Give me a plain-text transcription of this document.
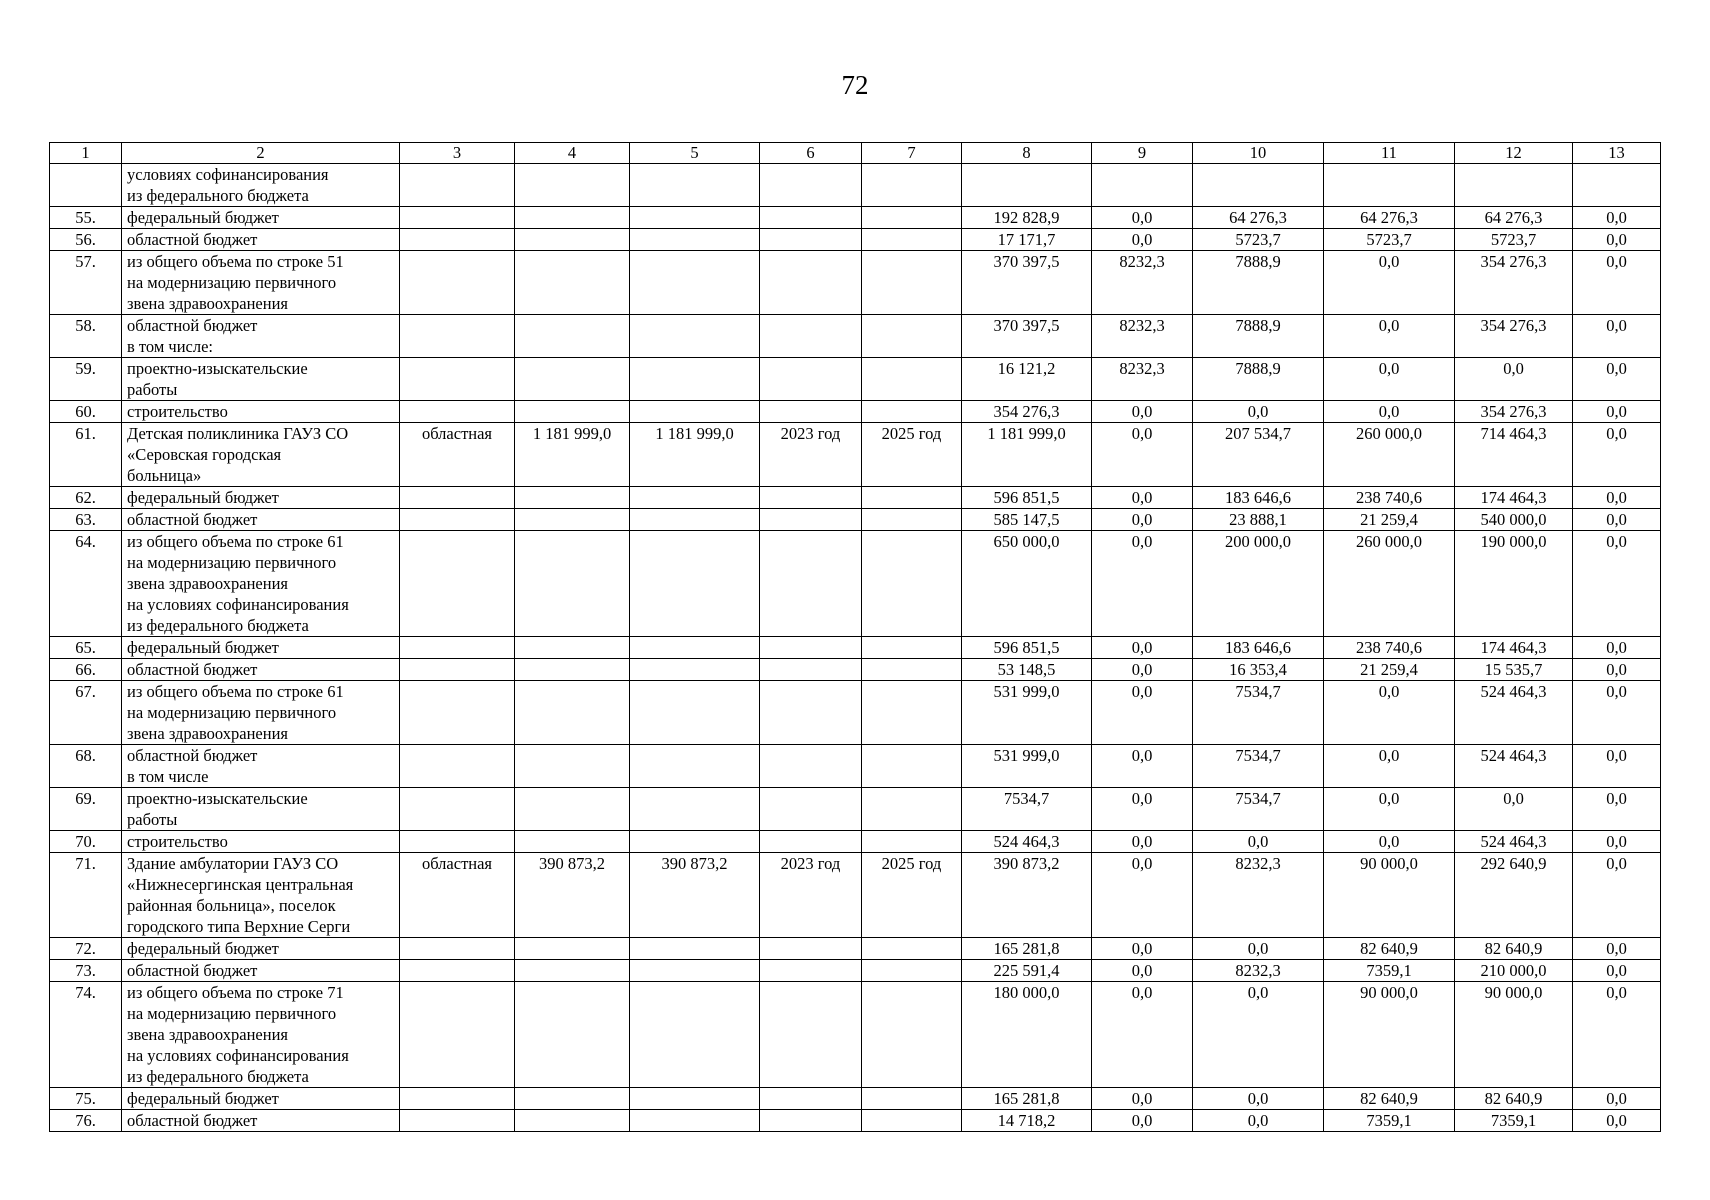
72
1	2	3	4	5	6	7	8	9	10	11	12	13

	условиях софинансирования
из федерального бюджета											

55.	федеральный бюджет						192 828,9	0,0	64 276,3	64 276,3	64 276,3	0,0
56.	областной бюджет						17 171,7	0,0	5723,7	5723,7	5723,7	0,0
57.	из общего объема по строке 51
на модернизацию первичного
звена здравоохранения						370 397,5	8232,3	7888,9	0,0	354 276,3	0,0
58.	областной бюджет
в том числе:						370 397,5	8232,3	7888,9	0,0	354 276,3	0,0
59.	проектно-изыскательские
работы						16 121,2	8232,3	7888,9	0,0	0,0	0,0
60.	строительство						354 276,3	0,0	0,0	0,0	354 276,3	0,0
61.	Детская поликлиника ГАУЗ СО
«Серовская городская
больница»	областная	1 181 999,0	1 181 999,0	2023 год	2025 год	1 181 999,0	0,0	207 534,7	260 000,0	714 464,3	0,0
62.	федеральный бюджет						596 851,5	0,0	183 646,6	238 740,6	174 464,3	0,0
63.	областной бюджет						585 147,5	0,0	23 888,1	21 259,4	540 000,0	0,0
64.	из общего объема по строке 61
на модернизацию первичного
звена здравоохранения
на условиях софинансирования
из федерального бюджета						650 000,0	0,0	200 000,0	260 000,0	190 000,0	0,0
65.	федеральный бюджет						596 851,5	0,0	183 646,6	238 740,6	174 464,3	0,0
66.	областной бюджет						53 148,5	0,0	16 353,4	21 259,4	15 535,7	0,0
67.	из общего объема по строке 61
на модернизацию первичного
звена здравоохранения						531 999,0	0,0	7534,7	0,0	524 464,3	0,0
68.	областной бюджет
в том числе						531 999,0	0,0	7534,7	0,0	524 464,3	0,0
69.	проектно-изыскательские
работы						7534,7	0,0	7534,7	0,0	0,0	0,0
70.	строительство						524 464,3	0,0	0,0	0,0	524 464,3	0,0
71.	Здание амбулатории ГАУЗ СО
«Нижнесергинская центральная
районная больница», поселок
городского типа Верхние Серги	областная	390 873,2	390 873,2	2023 год	2025 год	390 873,2	0,0	8232,3	90 000,0	292 640,9	0,0
72.	федеральный бюджет						165 281,8	0,0	0,0	82 640,9	82 640,9	0,0
73.	областной бюджет						225 591,4	0,0	8232,3	7359,1	210 000,0	0,0
74.	из общего объема по строке 71
на модернизацию первичного
звена здравоохранения
на условиях софинансирования
из федерального бюджета						180 000,0	0,0	0,0	90 000,0	90 000,0	0,0
75.	федеральный бюджет						165 281,8	0,0	0,0	82 640,9	82 640,9	0,0
76.	областной бюджет						14 718,2	0,0	0,0	7359,1	7359,1	0,0
